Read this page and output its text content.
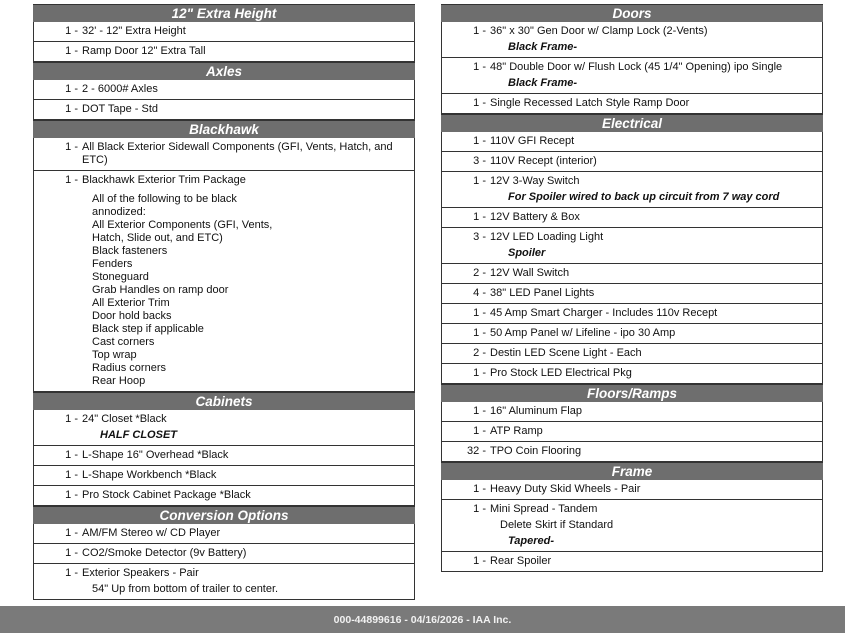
12" Extra Height
1 - 32' - 12" Extra Height
1 - Ramp Door 12" Extra Tall
Axles
1 - 2 - 6000# Axles
1 - DOT Tape - Std
Blackhawk
1 - All Black Exterior Sidewall Components (GFI, Vents, Hatch, and ETC)
1 - Blackhawk Exterior Trim Package
All of the following to be black
annodized:
All Exterior Components (GFI, Vents,
Hatch, Slide out, and ETC)
Black fasteners
Fenders
Stoneguard
Grab Handles on ramp door
All Exterior Trim
Door hold backs
Black step if applicable
Cast corners
Top wrap
Radius corners
Rear Hoop
Cabinets
1 - 24" Closet *Black
HALF CLOSET
1 - L-Shape 16" Overhead *Black
1 - L-Shape Workbench *Black
1 - Pro Stock Cabinet Package *Black
Conversion Options
1 - AM/FM Stereo w/ CD Player
1 - CO2/Smoke Detector (9v Battery)
1 - Exterior Speakers - Pair
54" Up from bottom of trailer to center.
Doors
1 - 36" x 30" Gen Door w/ Clamp Lock (2-Vents)
Black Frame-
1 - 48" Double Door w/ Flush Lock (45 1/4" Opening) ipo Single
Black Frame-
1 - Single Recessed Latch Style Ramp Door
Electrical
1 - 110V GFI Recept
3 - 110V Recept (interior)
1 - 12V 3-Way Switch
For Spoiler wired to back up circuit from 7 way cord
1 - 12V Battery & Box
3 - 12V LED Loading Light
Spoiler
2 - 12V Wall Switch
4 - 38" LED Panel Lights
1 - 45 Amp Smart Charger - Includes 110v Recept
1 - 50 Amp Panel w/ Lifeline - ipo 30 Amp
2 - Destin LED Scene Light - Each
1 - Pro Stock LED Electrical Pkg
Floors/Ramps
1 - 16" Aluminum Flap
1 - ATP Ramp
32 - TPO Coin Flooring
Frame
1 - Heavy Duty Skid Wheels - Pair
1 - Mini Spread - Tandem
Delete Skirt if Standard
Tapered-
1 - Rear Spoiler
000-44899616 - 04/16/2026 - IAA Inc.
